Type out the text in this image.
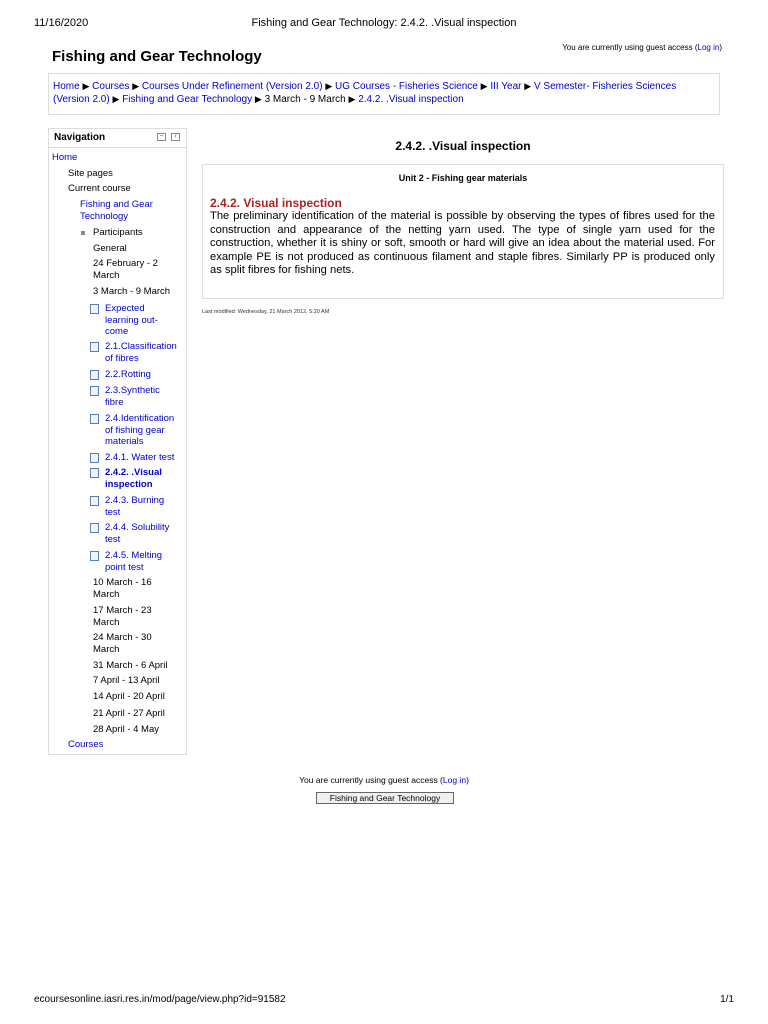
11/16/2020	Fishing and Gear Technology: 2.4.2. .Visual inspection
Fishing and Gear Technology
You are currently using guest access (Log in)
Home ▶ Courses ▶ Courses Under Refinement (Version 2.0) ▶ UG Courses - Fisheries Science ▶ III Year ▶ V Semester- Fisheries Sciences (Version 2.0) ▶ Fishing and Gear Technology ▶ 3 March - 9 March ▶ 2.4.2. .Visual inspection
Navigation	−	‹
Home
Site pages
Current course
Fishing and Gear
Technology
Participants
General
24 February - 2
March
3 March - 9 March
Expected
learning out-
come
2.1.Classification
of fibres
2.2.Rotting
2.3.Synthetic
fibre
2.4.Identification
of fishing gear
materials
2.4.1. Water test
2.4.2. .Visual
inspection
2.4.3. Burning
test
2.4.4. Solubility
test
2.4.5. Melting
point test
10 March - 16
March
17 March - 23
March
24 March - 30
March
31 March - 6 April
7 April - 13 April
14 April - 20 April
21 April - 27 April
28 April - 4 May
Courses
2.4.2. .Visual inspection
Unit 2 - Fishing gear materials
2.4.2. Visual inspection
The preliminary identification of the material is possible by observing the types of fibres used for the construction and appearance of the netting yarn used. The type of single yarn used for the construction, whether it is shiny or soft, smooth or hard will give an idea about the material used. For example PE is not produced as continuous filament and staple fibres. Similarly PP is produced only as split fibres for fishing nets.
Last modified: Wednesday, 21 March 2012, 5:20 AM
You are currently using guest access (Log in)
Fishing and Gear Technology
ecoursesonline.iasri.res.in/mod/page/view.php?id=91582	1/1
